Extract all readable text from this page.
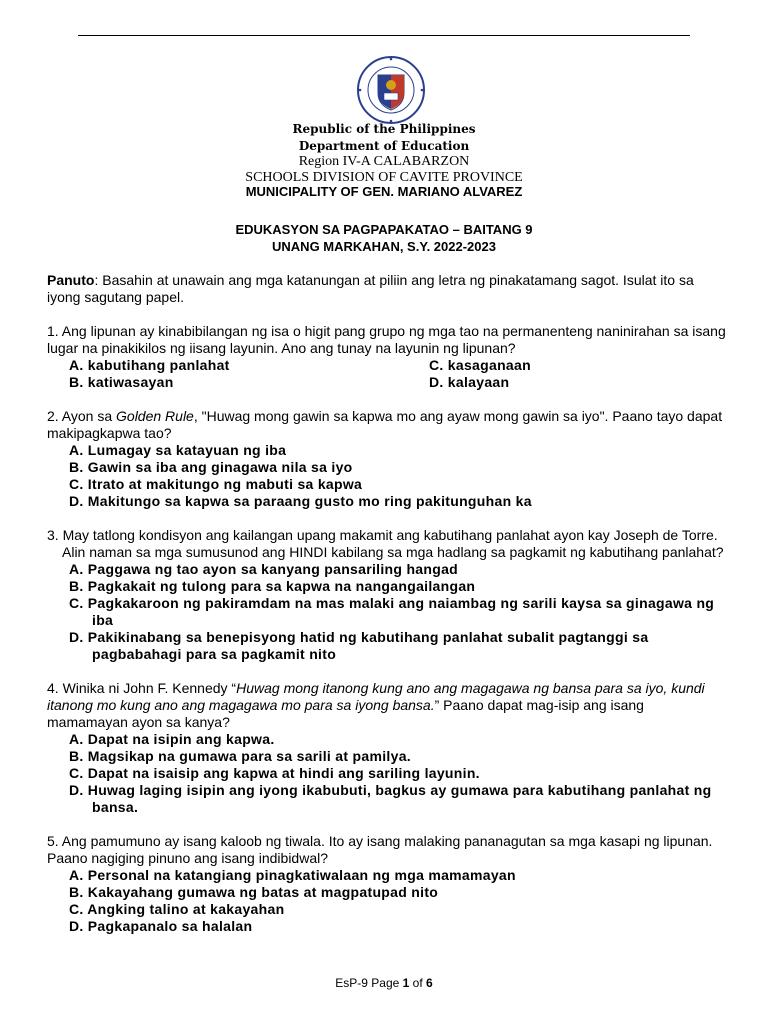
Republic of the Philippines
Department of Education
Region IV-A CALABARZON
SCHOOLS DIVISION OF CAVITE PROVINCE
MUNICIPALITY OF GEN. MARIANO ALVAREZ
EDUKASYON SA PAGPAPAKATAO – BAITANG 9
UNANG MARKAHAN, S.Y. 2022-2023

Panuto: Basahin at unawain ang mga katanungan at piliin ang letra ng pinakatamang sagot. Isulat ito sa iyong sagutang papel.

1. Ang lipunan ay kinabibilangan ng isa o higit pang grupo ng mga tao na permanenteng naninirahan sa isang lugar na pinakikilos ng iisang layunin. Ano ang tunay na layunin ng lipunan?

A. kabutihang panlahat	C. kasaganaan
B. katiwasayan	D. kalayaan

2. Ayon sa Golden Rule, "Huwag mong gawin sa kapwa mo ang ayaw mong gawin sa iyo". Paano tayo dapat makipagkapwa tao?

A. Lumagay sa katayuan ng iba
B. Gawin sa iba ang ginagawa nila sa iyo
C. Itrato at makitungo ng mabuti sa kapwa
D. Makitungo sa kapwa sa paraang gusto mo ring pakitunguhan ka

3. May tatlong kondisyon ang kailangan upang makamit ang kabutihang panlahat ayon kay Joseph de Torre. Alin naman sa mga sumusunod ang HINDI kabilang sa mga hadlang sa pagkamit ng kabutihang panlahat?

A. Paggawa ng tao ayon sa kanyang pansariling hangad
B. Pagkakait ng tulong para sa kapwa na nangangailangan
C. Pagkakaroon ng pakiramdam na mas malaki ang naiambag ng sarili kaysa sa ginagawa ng iba
D. Pakikinabang sa benepisyong hatid ng kabutihang panlahat subalit pagtanggi sa pagbabahagi para sa pagkamit nito

4. Winika ni John F. Kennedy “Huwag mong itanong kung ano ang magagawa ng bansa para sa iyo, kundi itanong mo kung ano ang magagawa mo para sa iyong bansa.” Paano dapat mag-isip ang isang mamamayan ayon sa kanya?

A. Dapat na isipin ang kapwa.
B. Magsikap na gumawa para sa sarili at pamilya.
C. Dapat na isaisip ang kapwa at hindi ang sariling layunin.
D. Huwag laging isipin ang iyong ikabubuti, bagkus ay gumawa para kabutihang panlahat ng bansa.

5. Ang pamumuno ay isang kaloob ng tiwala. Ito ay isang malaking pananagutan sa mga kasapi ng lipunan. Paano nagiging pinuno ang isang indibidwal?

A. Personal na katangiang pinagkatiwalaan ng mga mamamayan
B. Kakayahang gumawa ng batas at magpatupad nito
C. Angking talino at kakayahan
D. Pagkapanalo sa halalan
EsP-9 Page 1 of 6
